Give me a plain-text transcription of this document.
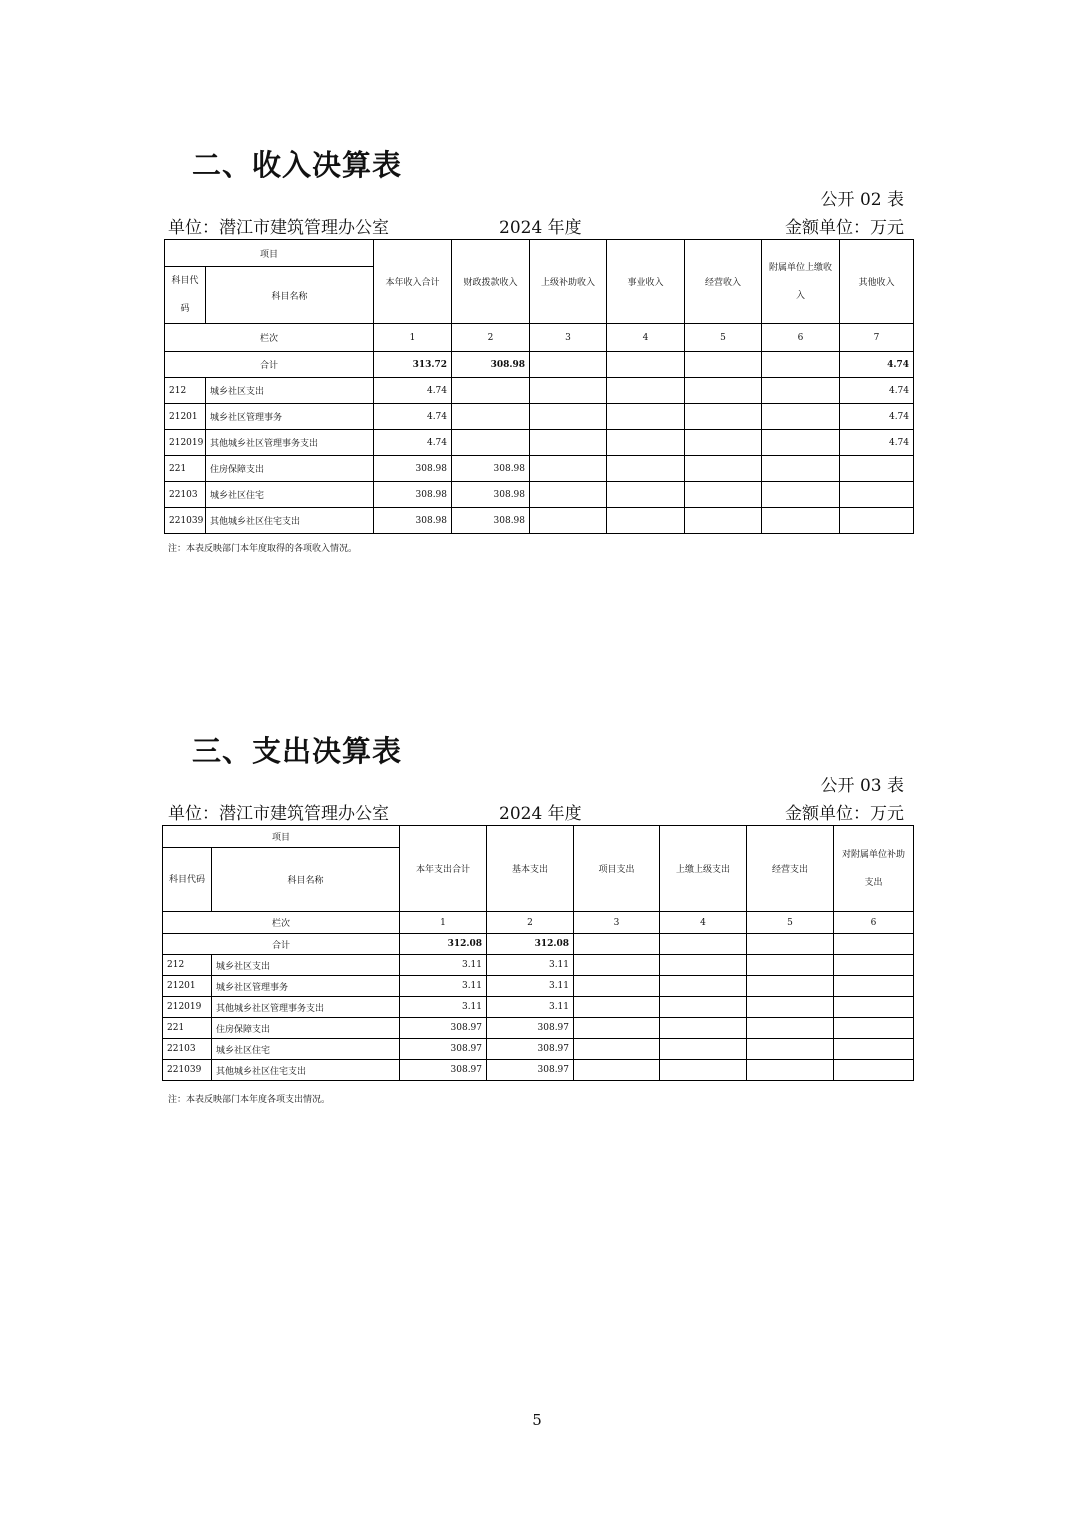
二、收入决算表
公开 02 表
单位：潜江市建筑管理办公室	2024 年度	金额单位：万元
项目		本年收入合计	财政拨款收入	上级补助收入	事业收入	经营收入	附属单位上缴收入	其他收入
科目代码	科目名称							
栏次		1	2	3	4	5	6	7
合计		313.72	308.98					4.74
212	城乡社区支出	4.74						4.74
21201	城乡社区管理事务	4.74						4.74
212019	其他城乡社区管理事务支出	4.74						4.74
221	住房保障支出	308.98	308.98					
22103	城乡社区住宅	308.98	308.98					
221039	其他城乡社区住宅支出	308.98	308.98					
注：本表反映部门本年度取得的各项收入情况。
三、支出决算表
公开 03 表
单位：潜江市建筑管理办公室	2024 年度	金额单位：万元
项目		本年支出合计	基本支出	项目支出	上缴上级支出	经营支出	对附属单位补助支出
科目代码	科目名称						
栏次		1	2	3	4	5	6
合计		312.08	312.08				
212	城乡社区支出	3.11	3.11				
21201	城乡社区管理事务	3.11	3.11				
212019	其他城乡社区管理事务支出	3.11	3.11				
221	住房保障支出	308.97	308.97				
22103	城乡社区住宅	308.97	308.97				
221039	其他城乡社区住宅支出	308.97	308.97				
注：本表反映部门本年度各项支出情况。
5
